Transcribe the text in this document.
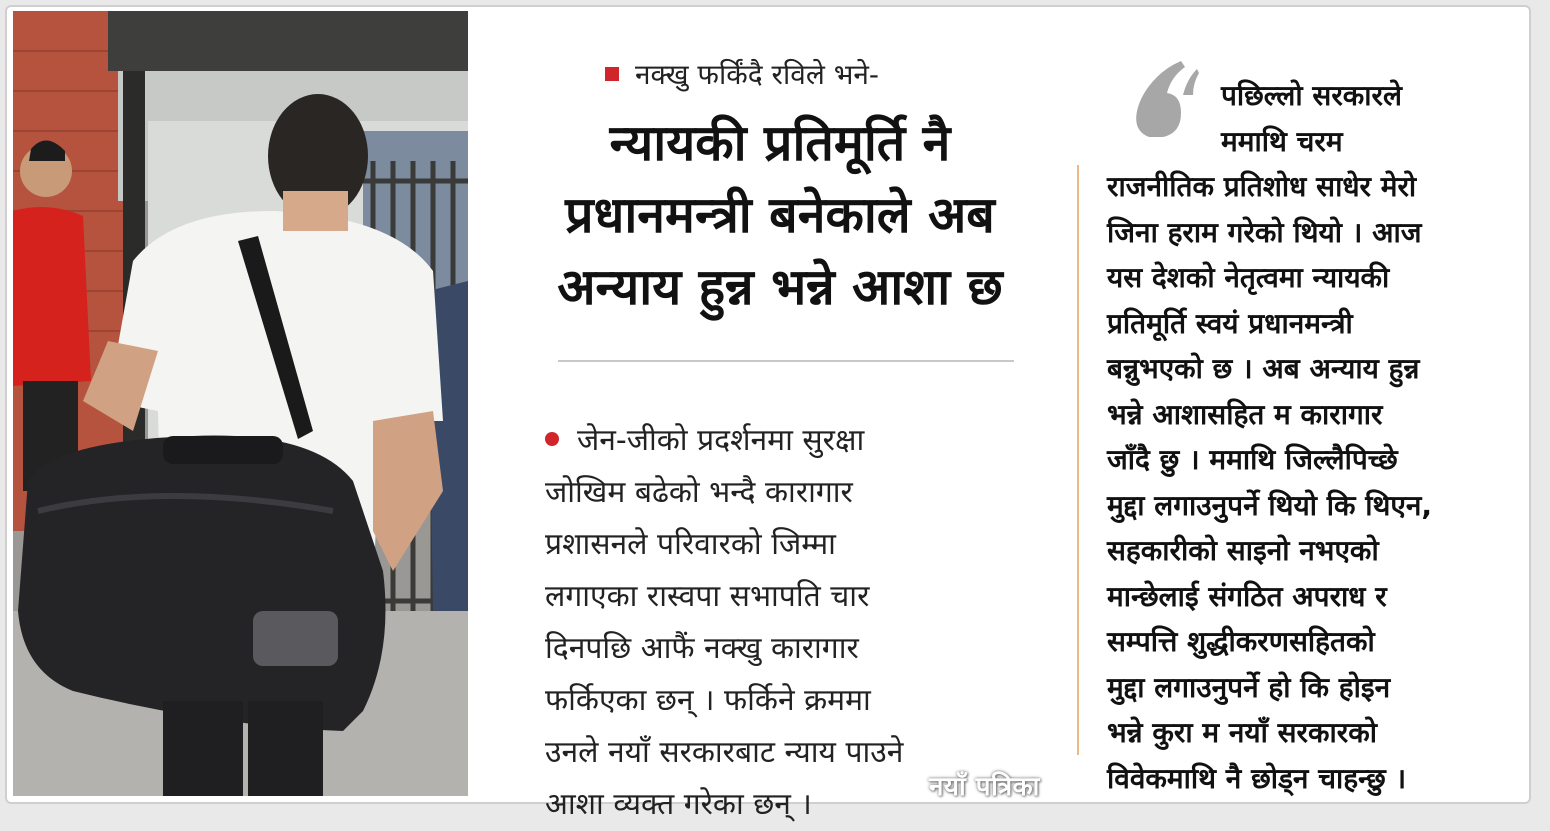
नक्खु फर्किंदै रविले भने-
न्यायकी प्रतिमूर्ति नै
प्रधानमन्त्री बनेकाले अब
अन्याय हुन्न भन्ने आशा छ
जेन-जीको प्रदर्शनमा सुरक्षा
जोखिम बढेको भन्दै कारागार
प्रशासनले परिवारको जिम्मा
लगाएका रास्वपा सभापति चार
दिनपछि आफैं नक्खु कारागार
फर्किएका छन् । फर्किने क्रममा
उनले नयाँ सरकारबाट न्याय पाउने
आशा व्यक्त गरेका छन् ।
पछिल्लो सरकारले
ममाथि चरम
राजनीतिक प्रतिशोध साधेर मेरो
जिना हराम गरेको थियो । आज
यस देशको नेतृत्वमा न्यायकी
प्रतिमूर्ति स्वयं प्रधानमन्त्री
बन्नुभएको छ । अब अन्याय हुन्न
भन्ने आशासहित म कारागार
जाँदै छु । ममाथि जिल्लैपिच्छे
मुद्दा लगाउनुपर्ने थियो कि थिएन,
सहकारीको साइनो नभएको
मान्छेलाई संगठित अपराध र
सम्पत्ति शुद्धीकरणसहितको
मुद्दा लगाउनुपर्ने हो कि होइन
भन्ने कुरा म नयाँ सरकारको
विवेकमाथि नै छोड्न चाहन्छु ।
नयाँ पत्रिका
